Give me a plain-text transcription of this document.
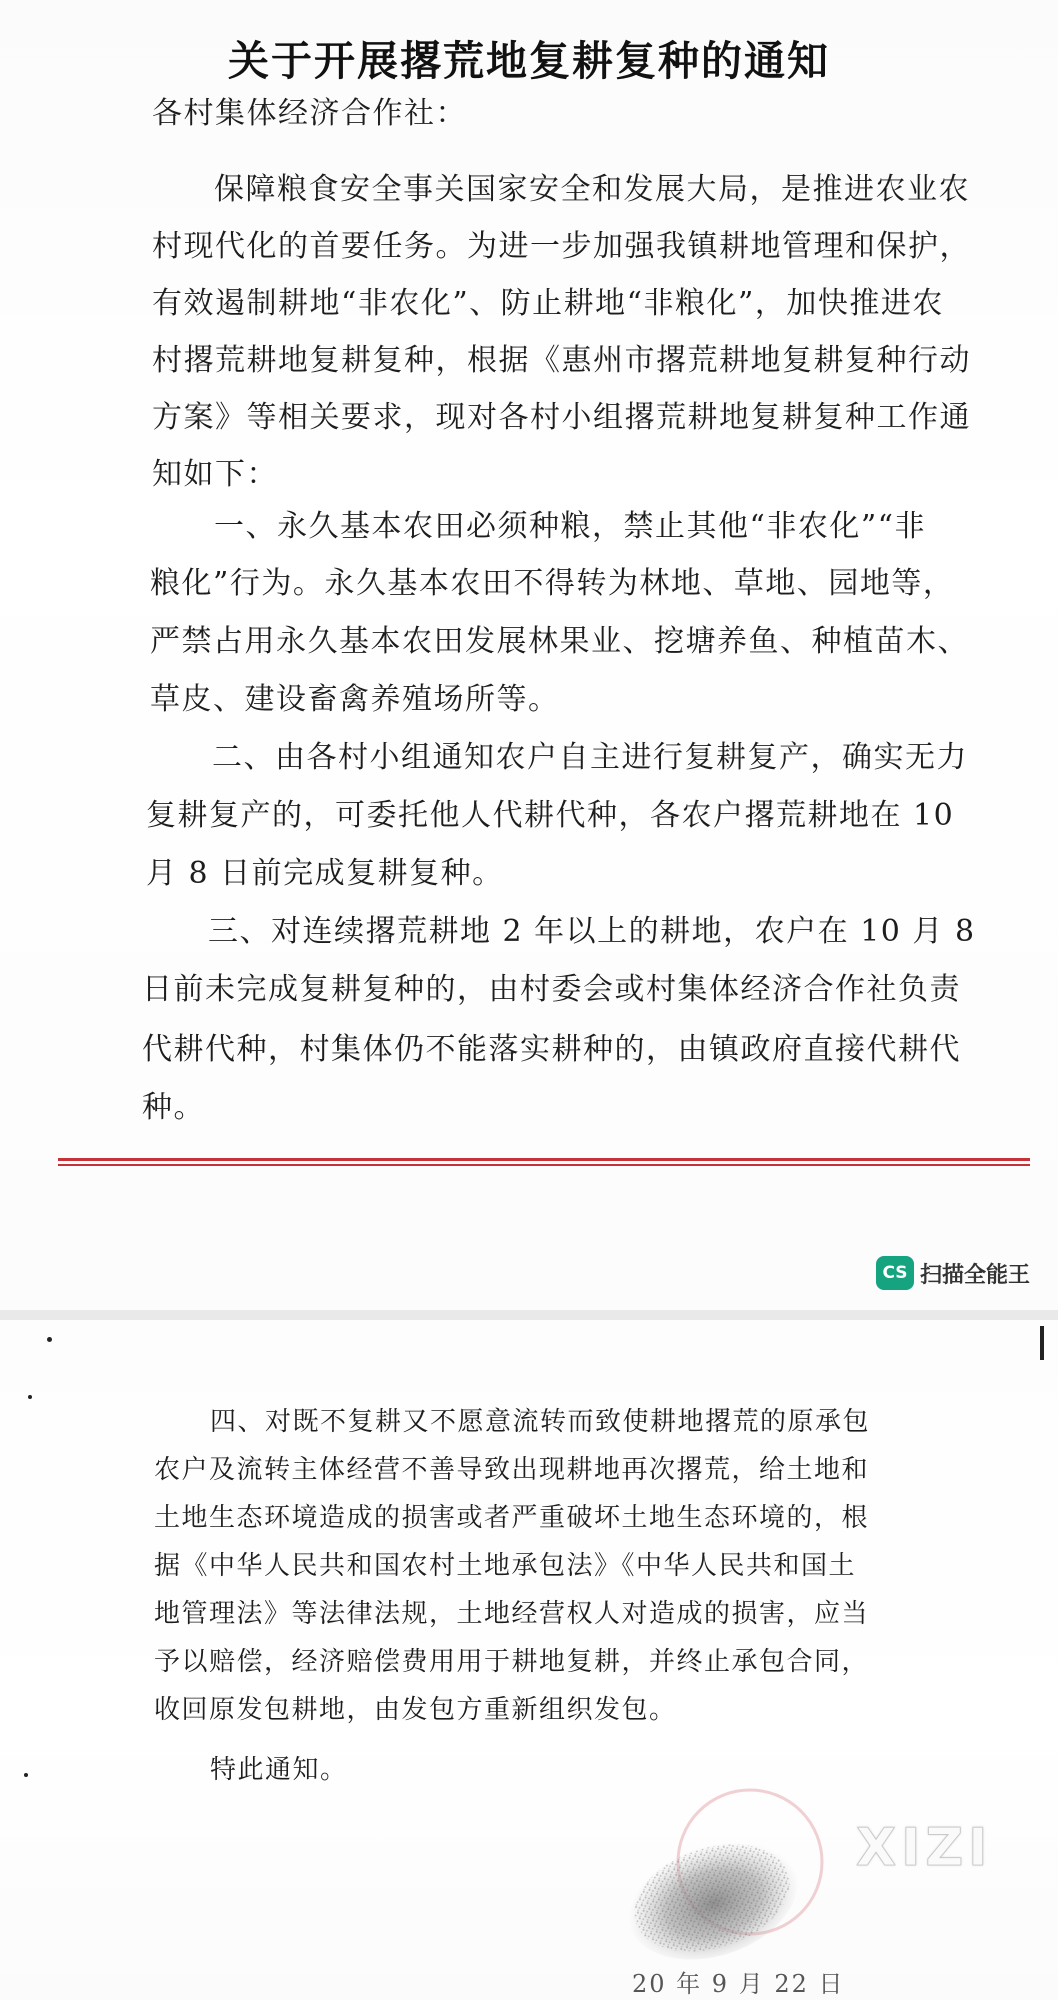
关于开展撂荒地复耕复种的通知
各村集体经济合作社：
保障粮食安全事关国家安全和发展大局，是推进农业农
村现代化的首要任务。为进一步加强我镇耕地管理和保护，
有效遏制耕地“非农化”、防止耕地“非粮化”，加快推进农
村撂荒耕地复耕复种，根据《惠州市撂荒耕地复耕复种行动
方案》等相关要求，现对各村小组撂荒耕地复耕复种工作通
知如下：
一、永久基本农田必须种粮，禁止其他“非农化”“非
粮化”行为。永久基本农田不得转为林地、草地、园地等，
严禁占用永久基本农田发展林果业、挖塘养鱼、种植苗木、
草皮、建设畜禽养殖场所等。
二、由各村小组通知农户自主进行复耕复产，确实无力
复耕复产的，可委托他人代耕代种，各农户撂荒耕地在 10
月 8 日前完成复耕复种。
三、对连续撂荒耕地 2 年以上的耕地，农户在 10 月 8
日前未完成复耕复种的，由村委会或村集体经济合作社负责
代耕代种，村集体仍不能落实耕种的，由镇政府直接代耕代
种。
CS 扫描全能王
四、对既不复耕又不愿意流转而致使耕地撂荒的原承包
农户及流转主体经营不善导致出现耕地再次撂荒，给土地和
土地生态环境造成的损害或者严重破坏土地生态环境的，根
据《中华人民共和国农村土地承包法》《中华人民共和国土
地管理法》等法律法规，土地经营权人对造成的损害，应当
予以赔偿，经济赔偿费用用于耕地复耕，并终止承包合同，
收回原发包耕地，由发包方重新组织发包。
特此通知。
XIZI
20 年 9 月 22 日
